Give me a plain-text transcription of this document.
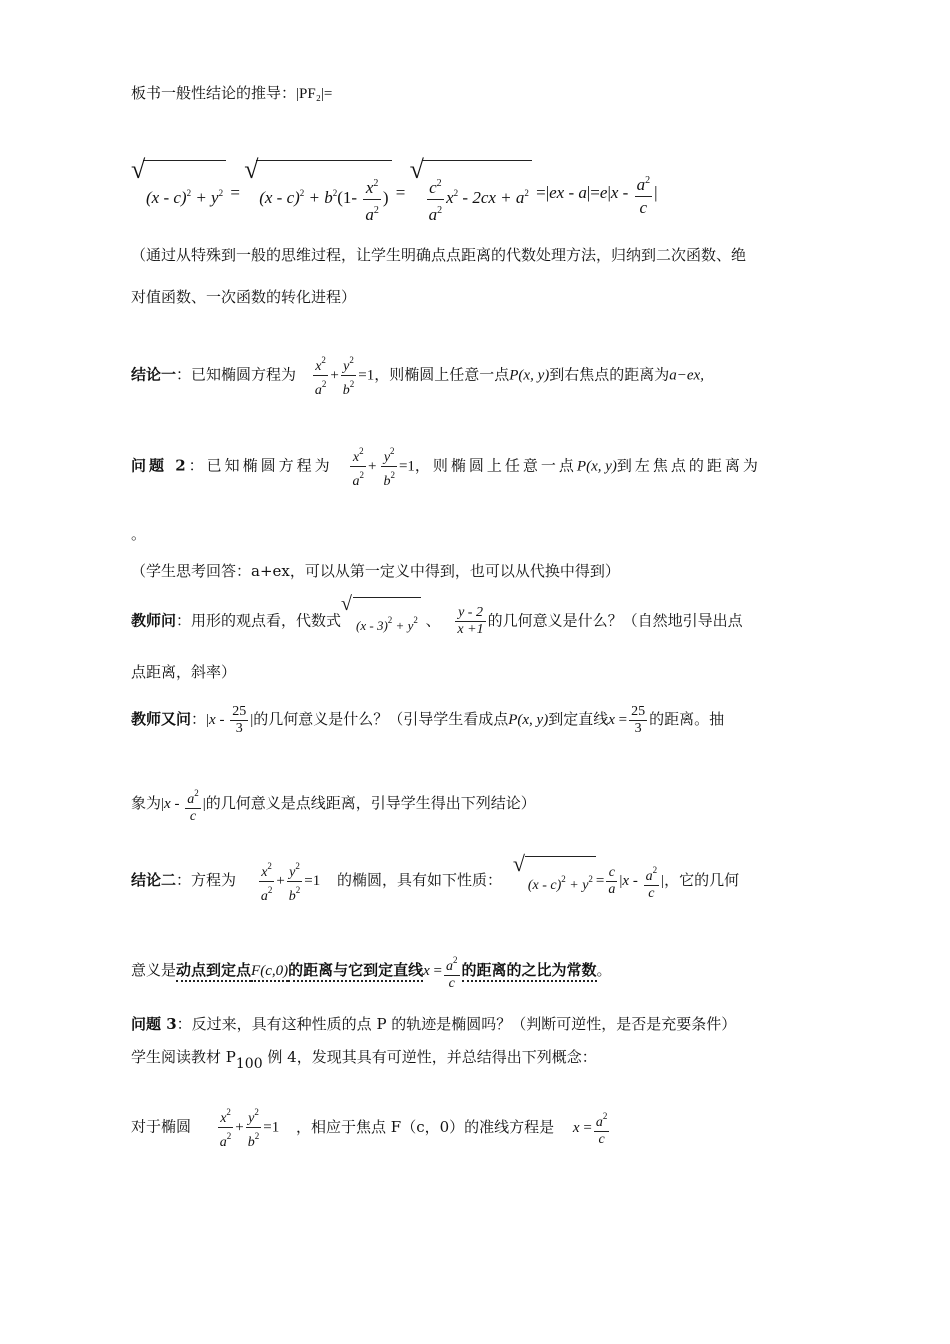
板书一般性结论的推导：|PF₂|=
√
$(x - c)^2 + y^2$ =
√
$(x - c)^2 + b^2(1- \frac{x^2}{a^2}$ ) =
√
$\frac{c^2}{a^2} x^2 - 2cx + a^2 =|ex - a|=e|x - \frac{a^2}{c}$ |
（通过从特殊到一般的思维过程，让学生明确点点距离的代数处理方法，归纳到二次函数、绝
对值函数、一次函数的转化进程）
结论一：已知椭圆方程为 $\frac{x^2}{a^2} + \frac{y^2}{b^2} =1$，则椭圆上任意一点P(x, y)到右焦点的距离为a−ex,
问题 2：已知椭圆方程为 $\frac{x^2}{a^2} + \frac{y^2}{b^2} =1$，则椭圆上任意一点P(x, y)到左焦点的距离为
。
（学生思考回答：a+ex，可以从第一定义中得到，也可以从代换中得到）
教师问：用形的观点看，代数式
√
$(x - 3)^2 + y^2$ 、 $\frac{y - 2}{x +1}$ 的几何意义是什么？（自然地引导出点
点距离，斜率）
教师又问：$|x - \frac{25}{3}$ |的几何意义是什么？（引导学生看成点P(x, y)到定直线$x = \frac{25}{3}$ 的距离。抽
象为$|x - \frac{a^2}{c}$ |的几何意义是点线距离，引导学生得出下列结论）
结论二：方程为 $\frac{x^2}{a^2} + \frac{y^2}{b^2} =1$ 的椭圆，具有如下性质：
√
$(x - c)^2 + y^2 = \frac{c}{a} |x - \frac{a^2}{c}$ |，它的几何
意义是动点到定点F(c,0)的距离与它到定直线$x = \frac{a^2}{c}$ 的距离的之比为常数。
问题 3：反过来，具有这种性质的点 P 的轨迹是椭圆吗？（判断可逆性，是否是充要条件）
学生阅读教材 P100 例 4，发现其具有可逆性，并总结得出下列概念：
对于椭圆 $\frac{x^2}{a^2} + \frac{y^2}{b^2} =1$ ，相应于焦点 F（c，0）的准线方程是 $x = \frac{a^2}{c}$
